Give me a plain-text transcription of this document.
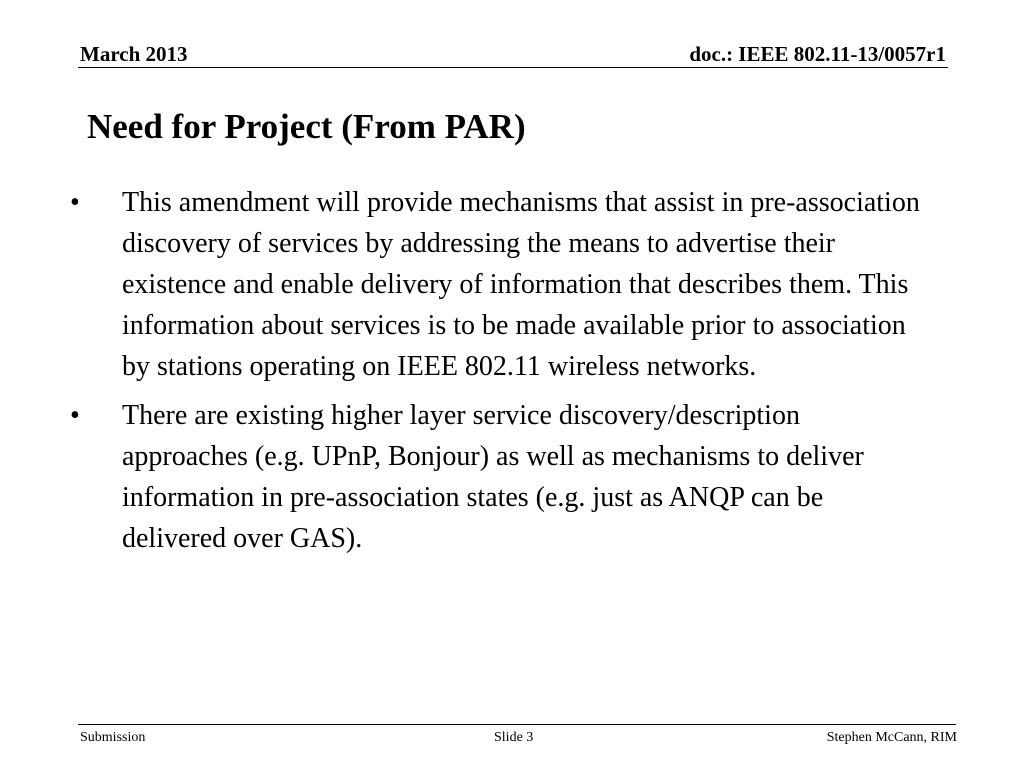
March 2013	doc.: IEEE 802.11-13/0057r1
Need for Project (From PAR)
• This amendment will provide mechanisms that assist in pre-association discovery of services by addressing the means to advertise their existence and enable delivery of information that describes them. This information about services is to be made available prior to association by stations operating on IEEE 802.11 wireless networks.
• There are existing higher layer service discovery/description approaches (e.g. UPnP, Bonjour) as well as mechanisms to deliver information in pre-association states (e.g. just as ANQP can be delivered over GAS).
Submission	Slide 3	Stephen McCann, RIM
